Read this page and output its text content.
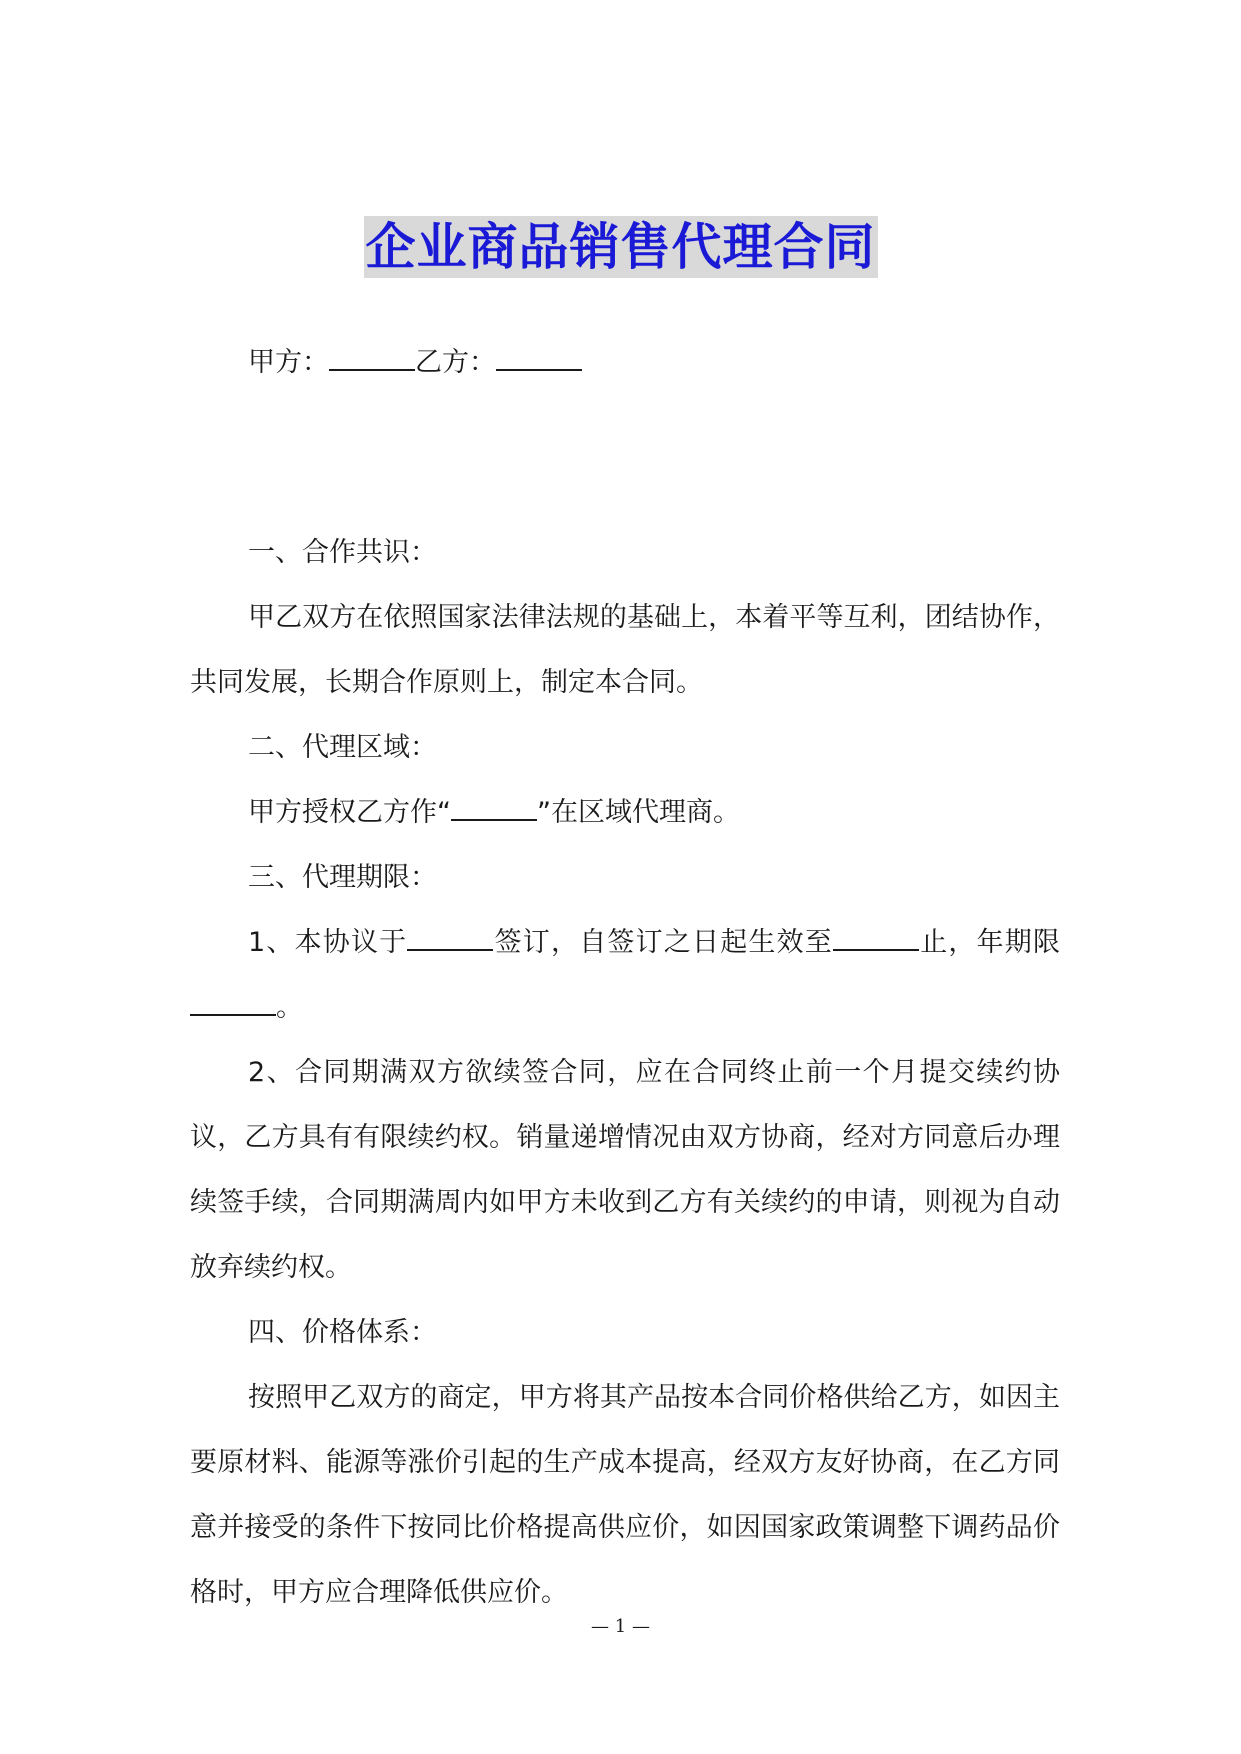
企业商品销售代理合同

甲方：	乙方：

一、合作共识：

甲乙双方在依照国家法律法规的基础上，本着平等互利，团结协作，共同发展，长期合作原则上，制定本合同。

二、代理区域：

甲方授权乙方作“	”在区域代理商。

三、代理期限：

1、本协议于	签订，自签订之日起生效至	止，年期限。

2、合同期满双方欲续签合同，应在合同终止前一个月提交续约协议，乙方具有有限续约权。销量递增情况由双方协商，经对方同意后办理续签手续，合同期满周内如甲方未收到乙方有关续约的申请，则视为自动放弃续约权。

四、价格体系：

按照甲乙双方的商定，甲方将其产品按本合同价格供给乙方，如因主要原材料、能源等涨价引起的生产成本提高，经双方友好协商，在乙方同意并接受的条件下按同比价格提高供应价，如因国家政策调整下调药品价格时，甲方应合理降低供应价。

— 1 —
